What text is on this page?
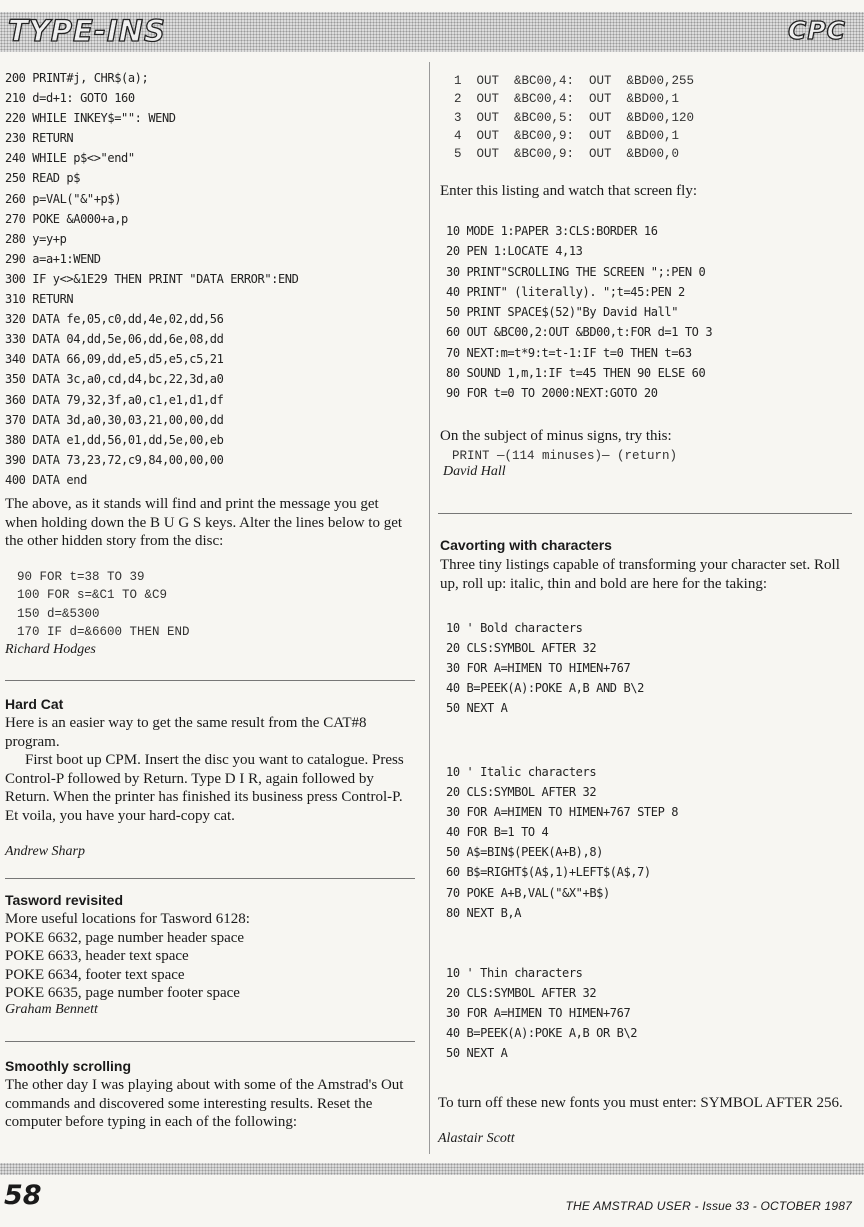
TYPE-INS	CPC
200 PRINT#j, CHR$(a);
210 d=d+1: GOTO 160
220 WHILE INKEY$="": WEND
230 RETURN
240 WHILE p$<>"end"
250 READ p$
260 p=VAL("&"+p$)
270 POKE &A000+a,p
280 y=y+p
290 a=a+1:WEND
300 IF y<>&1E29 THEN PRINT "DATA ERROR":END
310 RETURN
320 DATA fe,05,c0,dd,4e,02,dd,56
330 DATA 04,dd,5e,06,dd,6e,08,dd
340 DATA 66,09,dd,e5,d5,e5,c5,21
350 DATA 3c,a0,cd,d4,bc,22,3d,a0
360 DATA 79,32,3f,a0,c1,e1,d1,df
370 DATA 3d,a0,30,03,21,00,00,dd
380 DATA e1,dd,56,01,dd,5e,00,eb
390 DATA 73,23,72,c9,84,00,00,00
400 DATA end
The above, as it stands will find and print the message you get when holding down the B U G S keys. Alter the lines below to get the other hidden story from the disc:
90 FOR t=38 TO 39
100 FOR s=&C1 TO &C9
150 d=&5300
170 IF d=&6600 THEN END
Richard Hodges
Hard Cat
Here is an easier way to get the same result from the CAT#8 program.
First boot up CPM. Insert the disc you want to catalogue. Press Control-P followed by Return. Type D I R, again followed by Return. When the printer has finished its business press Control-P. Et voila, you have your hard-copy cat.
Andrew Sharp
Tasword revisited
More useful locations for Tasword 6128:
POKE 6632, page number header space
POKE 6633, header text space
POKE 6634, footer text space
POKE 6635, page number footer space
Graham Bennett
Smoothly scrolling
The other day I was playing about with some of the Amstrad's Out commands and discovered some interesting results. Reset the computer before typing in each of the following:
1  OUT  &BC00,4:  OUT  &BD00,255
2  OUT  &BC00,4:  OUT  &BD00,1
3  OUT  &BC00,5:  OUT  &BD00,120
4  OUT  &BC00,9:  OUT  &BD00,1
5  OUT  &BC00,9:  OUT  &BD00,0
Enter this listing and watch that screen fly:
10 MODE 1:PAPER 3:CLS:BORDER 16
20 PEN 1:LOCATE 4,13
30 PRINT"SCROLLING THE SCREEN ";:PEN 0
40 PRINT" (literally). ";t=45:PEN 2
50 PRINT SPACE$(52)"By David Hall"
60 OUT &BC00,2:OUT &BD00,t:FOR d=1 TO 3
70 NEXT:m=t*9:t=t-1:IF t=0 THEN t=63
80 SOUND 1,m,1:IF t=45 THEN 90 ELSE 60
90 FOR t=0 TO 2000:NEXT:GOTO 20
On the subject of minus signs, try this:
PRINT —(114 minuses)— (return)
David Hall
Cavorting with characters
Three tiny listings capable of transforming your character set. Roll up, roll up: italic, thin and bold are here for the taking:
10 ' Bold characters
20 CLS:SYMBOL AFTER 32
30 FOR A=HIMEN TO HIMEN+767
40 B=PEEK(A):POKE A,B AND B\2
50 NEXT A
10 ' Italic characters
20 CLS:SYMBOL AFTER 32
30 FOR A=HIMEN TO HIMEN+767 STEP 8
40 FOR B=1 TO 4
50 A$=BIN$(PEEK(A+B),8)
60 B$=RIGHT$(A$,1)+LEFT$(A$,7)
70 POKE A+B,VAL("&X"+B$)
80 NEXT B,A
10 ' Thin characters
20 CLS:SYMBOL AFTER 32
30 FOR A=HIMEN TO HIMEN+767
40 B=PEEK(A):POKE A,B OR B\2
50 NEXT A
To turn off these new fonts you must enter: SYMBOL AFTER 256.
Alastair Scott
58	THE AMSTRAD USER - Issue 33 - OCTOBER 1987
